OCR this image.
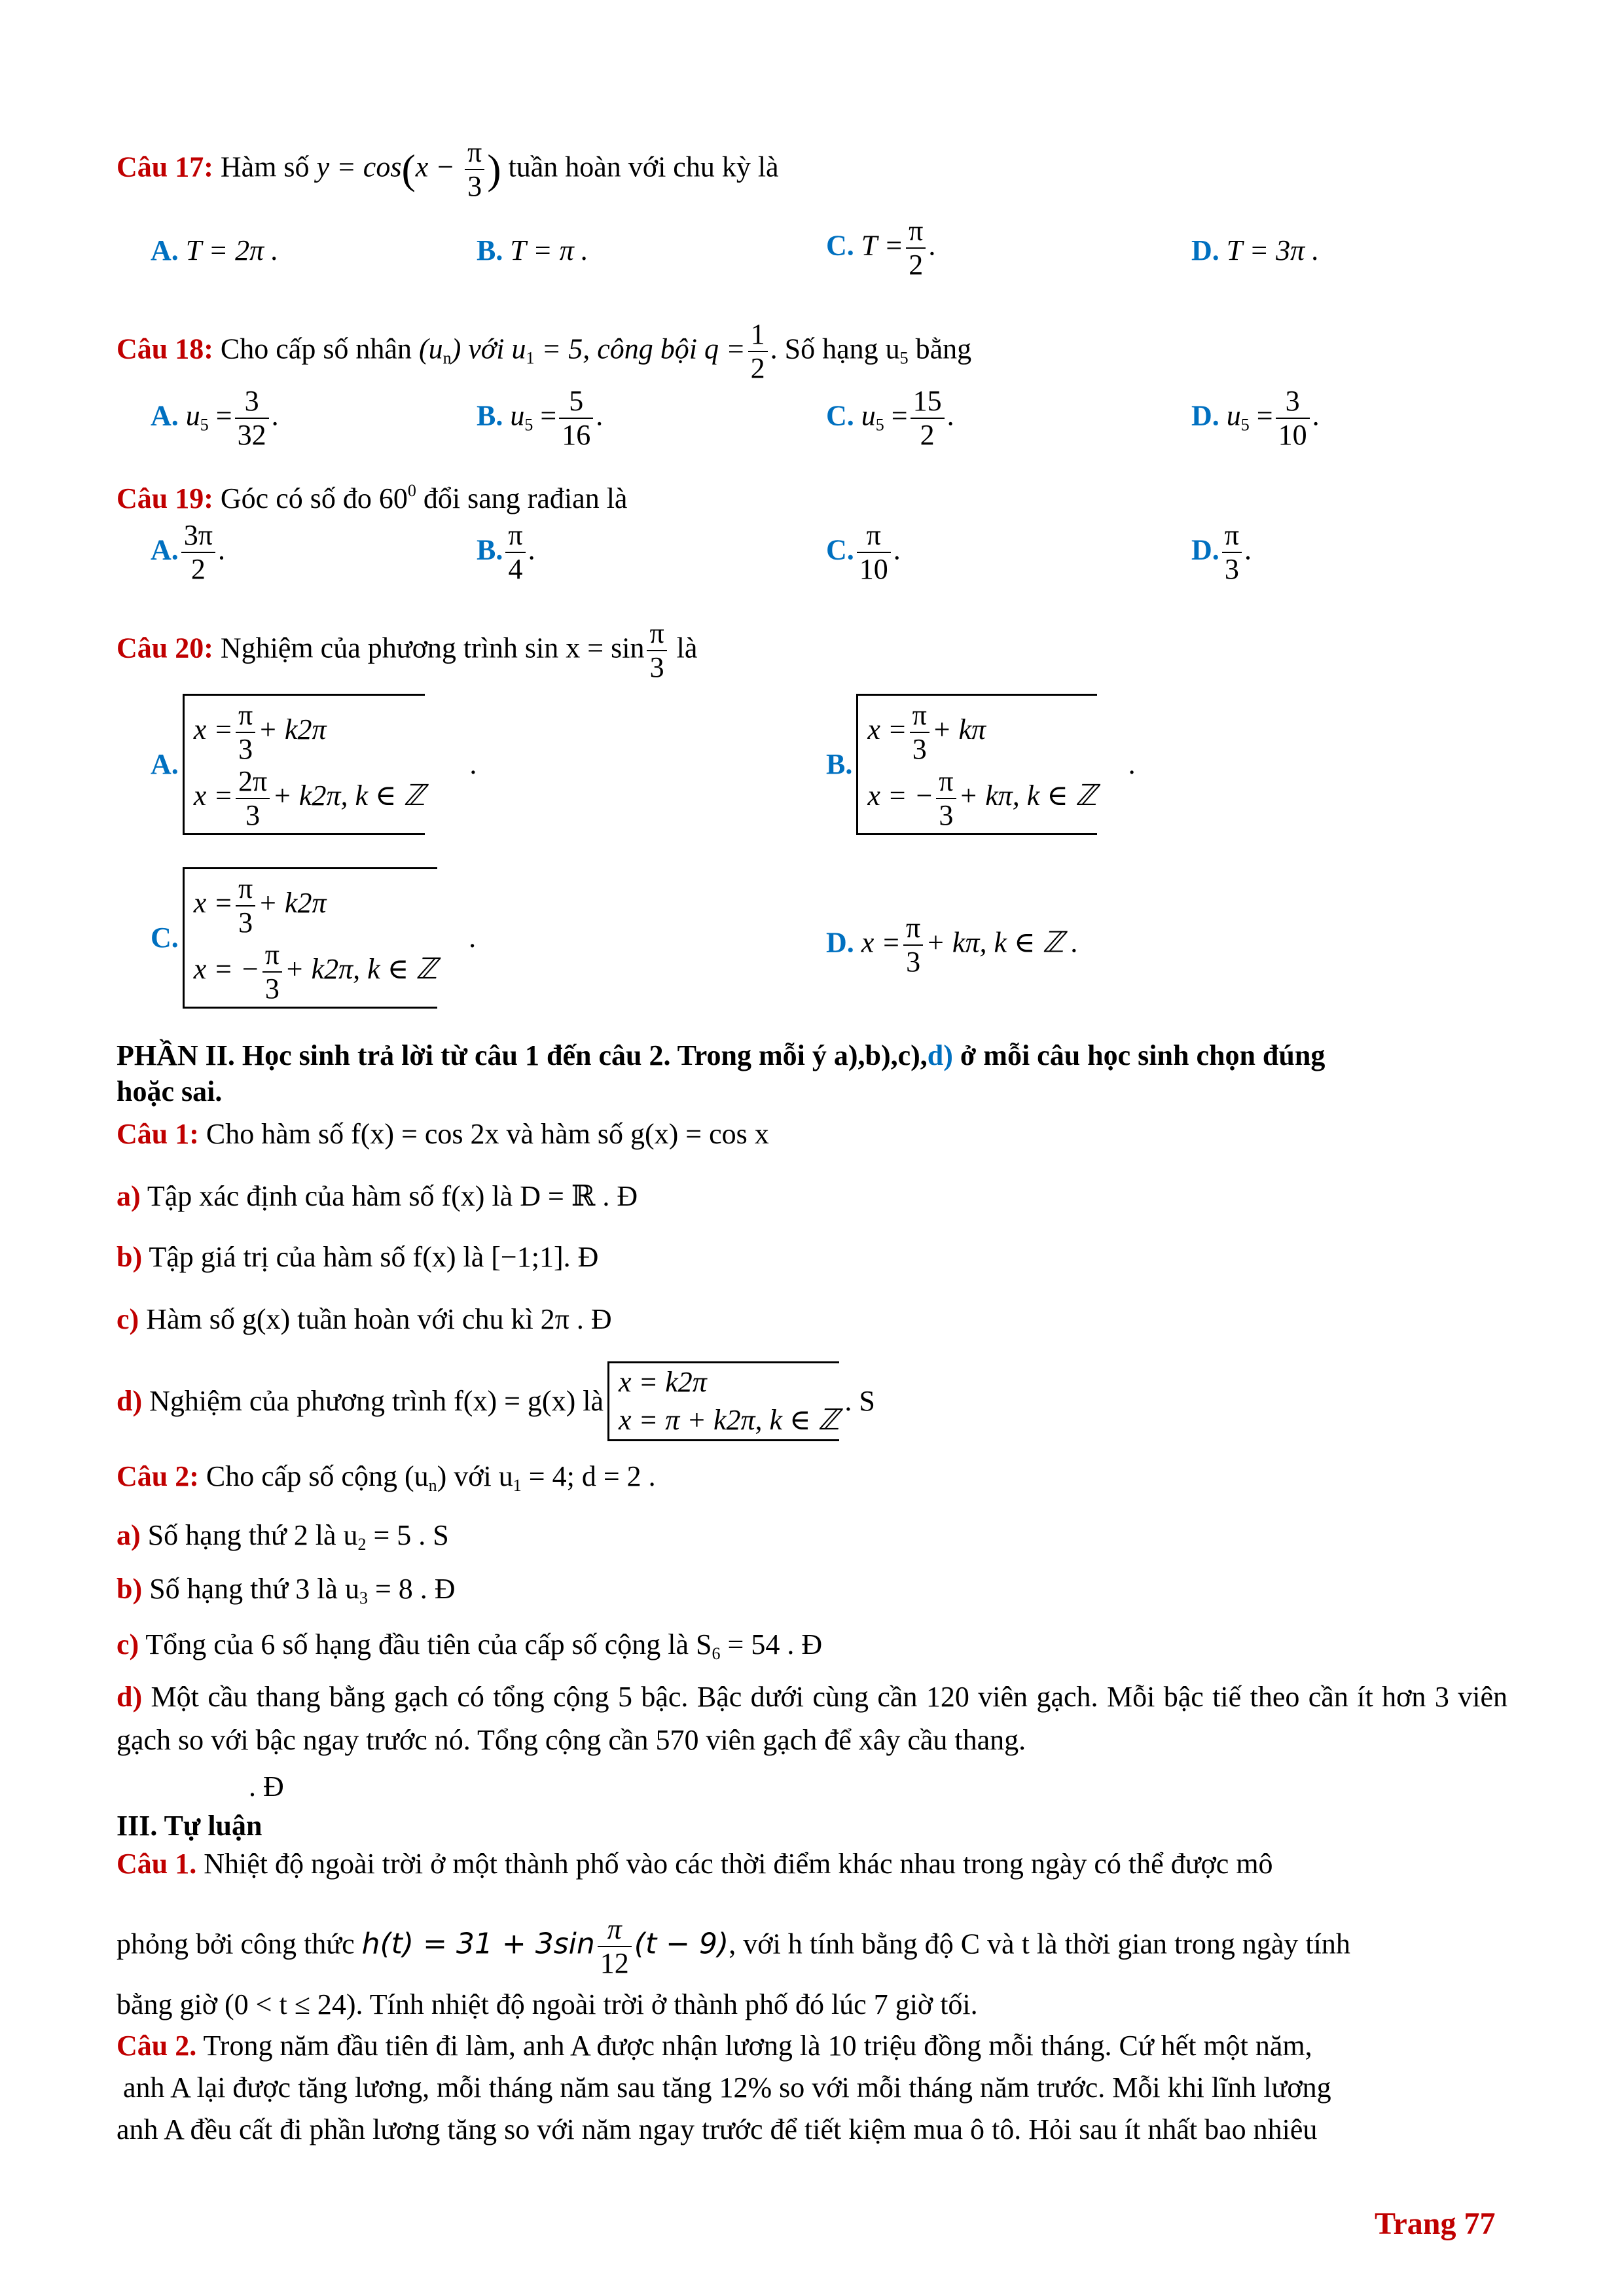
Câu 17: Hàm số $y = \cos(x - \frac{\pi}{3}$ ) tuần hoàn với chu kỳ là
A. T = 2π .	B. T = π .	C. $T = \frac{\pi}{2}$ .	D. T = 3π .
Câu 18: Cho cấp số nhân $(u_n)$ với $u_1 = 5$, công bội $q = \frac{1}{2}$ . Số hạng $u_5$ bằng
A. $u_5 = \frac{3}{32}$ .	B. $u_5 = \frac{5}{16}$ .	C. $u_5 = \frac{15}{2}$ .	D. $u_5 = \frac{3}{10}$ .
Câu 19: Góc có số đo $60^0$ đổi sang rađian là
A. $\frac{3\pi}{2}$ .	B. $\frac{\pi}{4}$ .	C. $\frac{\pi}{10}$ .	D. $\frac{\pi}{3}$ .
Câu 20: Nghiệm của phương trình $\sin x = \sin \frac{\pi}{3}$ là
A.
$x = \frac{\pi}{3} + k2\pi$
$x = \frac{2\pi}{3} + k2\pi$, k ∈ ℤ
.	B.
$x = \frac{\pi}{3} + k\pi$
x = − $\frac{\pi}{3} + k\pi$, k ∈ ℤ
.
C.
$x = \frac{\pi}{3} + k2\pi$
x = − $\frac{\pi}{3} + k2\pi$, k ∈ ℤ
.	D. $x = \frac{\pi}{3} + k\pi$, k ∈ ℤ .
PHẦN II. Học sinh trả lời từ câu 1 đến câu 2. Trong mỗi ý a),b),c),d) ở mỗi câu học sinh chọn đúng
hoặc sai.
Câu 1: Cho hàm số f(x) = cos 2x và hàm số g(x) = cos x
a) Tập xác định của hàm số f(x) là D = ℝ . Đ
b) Tập giá trị của hàm số f(x) là [−1;1]. Đ
c) Hàm số g(x) tuần hoàn với chu kì 2π . Đ
d) Nghiệm của phương trình f(x) = g(x) là
x = k2π
x = π + k2π, k ∈ ℤ
. S
Câu 2: Cho cấp số cộng $(u_n)$ với $u_1 = 4$; d = 2 .
a) Số hạng thứ 2 là $u_2 = 5$ . S
b) Số hạng thứ 3 là $u_3 = 8$ . Đ
c) Tổng của 6 số hạng đầu tiên của cấp số cộng là $S_6 = 54$ . Đ
d) Một cầu thang bằng gạch có tổng cộng 5 bậc. Bậc dưới cùng cần 120 viên gạch. Mỗi bậc tiế theo cần ít hơn 3 viên gạch so với bậc ngay trước nó. Tổng cộng cần 570 viên gạch để xây cầu thang.
. Đ
III. Tự luận
Câu 1. Nhiệt độ ngoài trời ở một thành phố vào các thời điểm khác nhau trong ngày có thể được mô
phỏng bởi công thức $h(t) = 31 + 3\sin \frac{\pi}{12} (t - 9)$, với h tính bằng độ C và t là thời gian trong ngày tính
bằng giờ (0 < t ≤ 24). Tính nhiệt độ ngoài trời ở thành phố đó lúc 7 giờ tối.
Câu 2. Trong năm đầu tiên đi làm, anh A được nhận lương là 10 triệu đồng mỗi tháng. Cứ hết một năm,
anh A lại được tăng lương, mỗi tháng năm sau tăng 12% so với mỗi tháng năm trước. Mỗi khi lĩnh lương
anh A đều cất đi phần lương tăng so với năm ngay trước để tiết kiệm mua ô tô. Hỏi sau ít nhất bao nhiêu
Trang 77
